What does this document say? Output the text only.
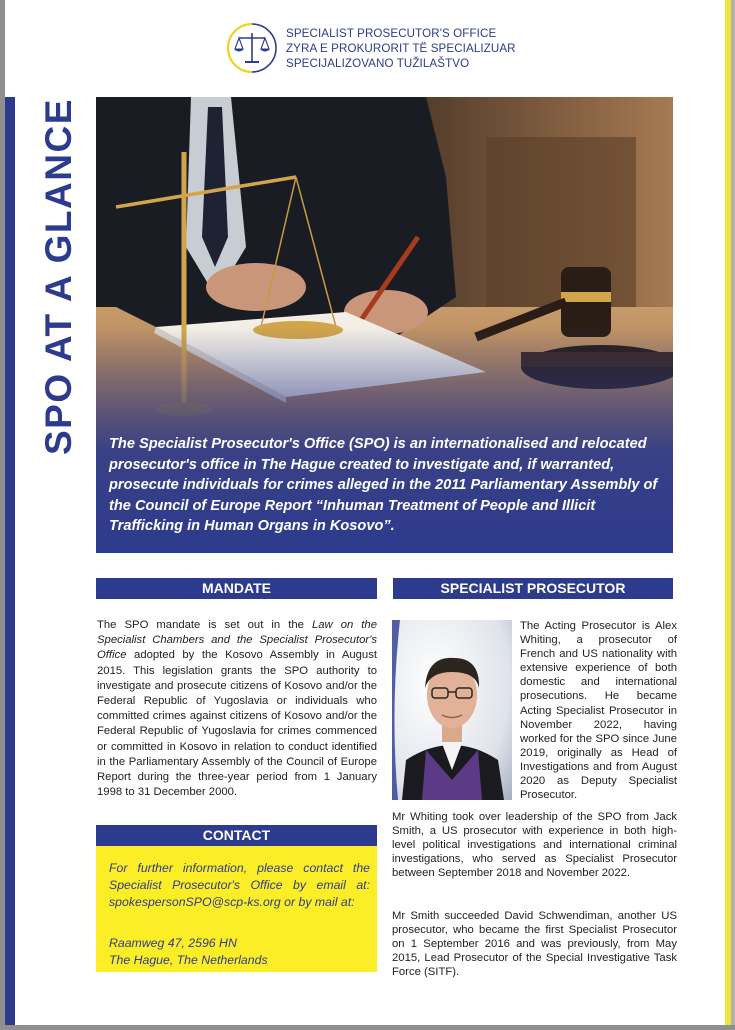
SPECIALIST PROSECUTOR'S OFFICE
ZYRA E PROKURORIT TË SPECIALIZUAR
SPECIJALIZOVANO TUŽILAŠTVO
SPO AT A GLANCE The Specialist Prosecutor's Office (SPO) is an internationalised and relocated prosecutor's office in The Hague created to investigate and, if warranted, prosecute individuals for crimes alleged in the 2011 Parliamentary Assembly of the Council of Europe Report “Inhuman Treatment of People and Illicit Trafficking in Human Organs in Kosovo”.
MANDATE
The SPO mandate is set out in the Law on the Specialist Chambers and the Specialist Prosecutor's Office adopted by the Kosovo Assembly in August 2015. This legislation grants the SPO authority to investigate and prosecute citizens of Kosovo and/or the Federal Republic of Yugoslavia or individuals who committed crimes against citizens of Kosovo and/or the Federal Republic of Yugoslavia for crimes commenced or committed in Kosovo in relation to conduct identified in the Parliamentary Assembly of the Council of Europe Report during the three-year period from 1 January 1998 to 31 December 2000.
CONTACT

For further information, please contact the Specialist Prosecutor's Office by email at: spokespersonSPO@scp-ks.org or by mail at:

Raamweg 47, 2596 HN
The Hague, The Netherlands

SPECIALIST PROSECUTOR
The Acting Prosecutor is Alex Whiting, a prosecutor of French and US nationality with extensive experience of both domestic and international prosecutions. He became Acting Specialist Prosecutor in November 2022, having worked for the SPO since June 2019, originally as Head of Investigations and from August 2020 as Deputy Specialist Prosecutor.
Mr Whiting took over leadership of the SPO from Jack Smith, a US prosecutor with experience in both high-level political investigations and international criminal investigations, who served as Specialist Prosecutor between September 2018 and November 2022.
Mr Smith succeeded David Schwendiman, another US prosecutor, who became the first Specialist Prosecutor on 1 September 2016 and was previously, from May 2015, Lead Prosecutor of the Special Investigative Task Force (SITF).
